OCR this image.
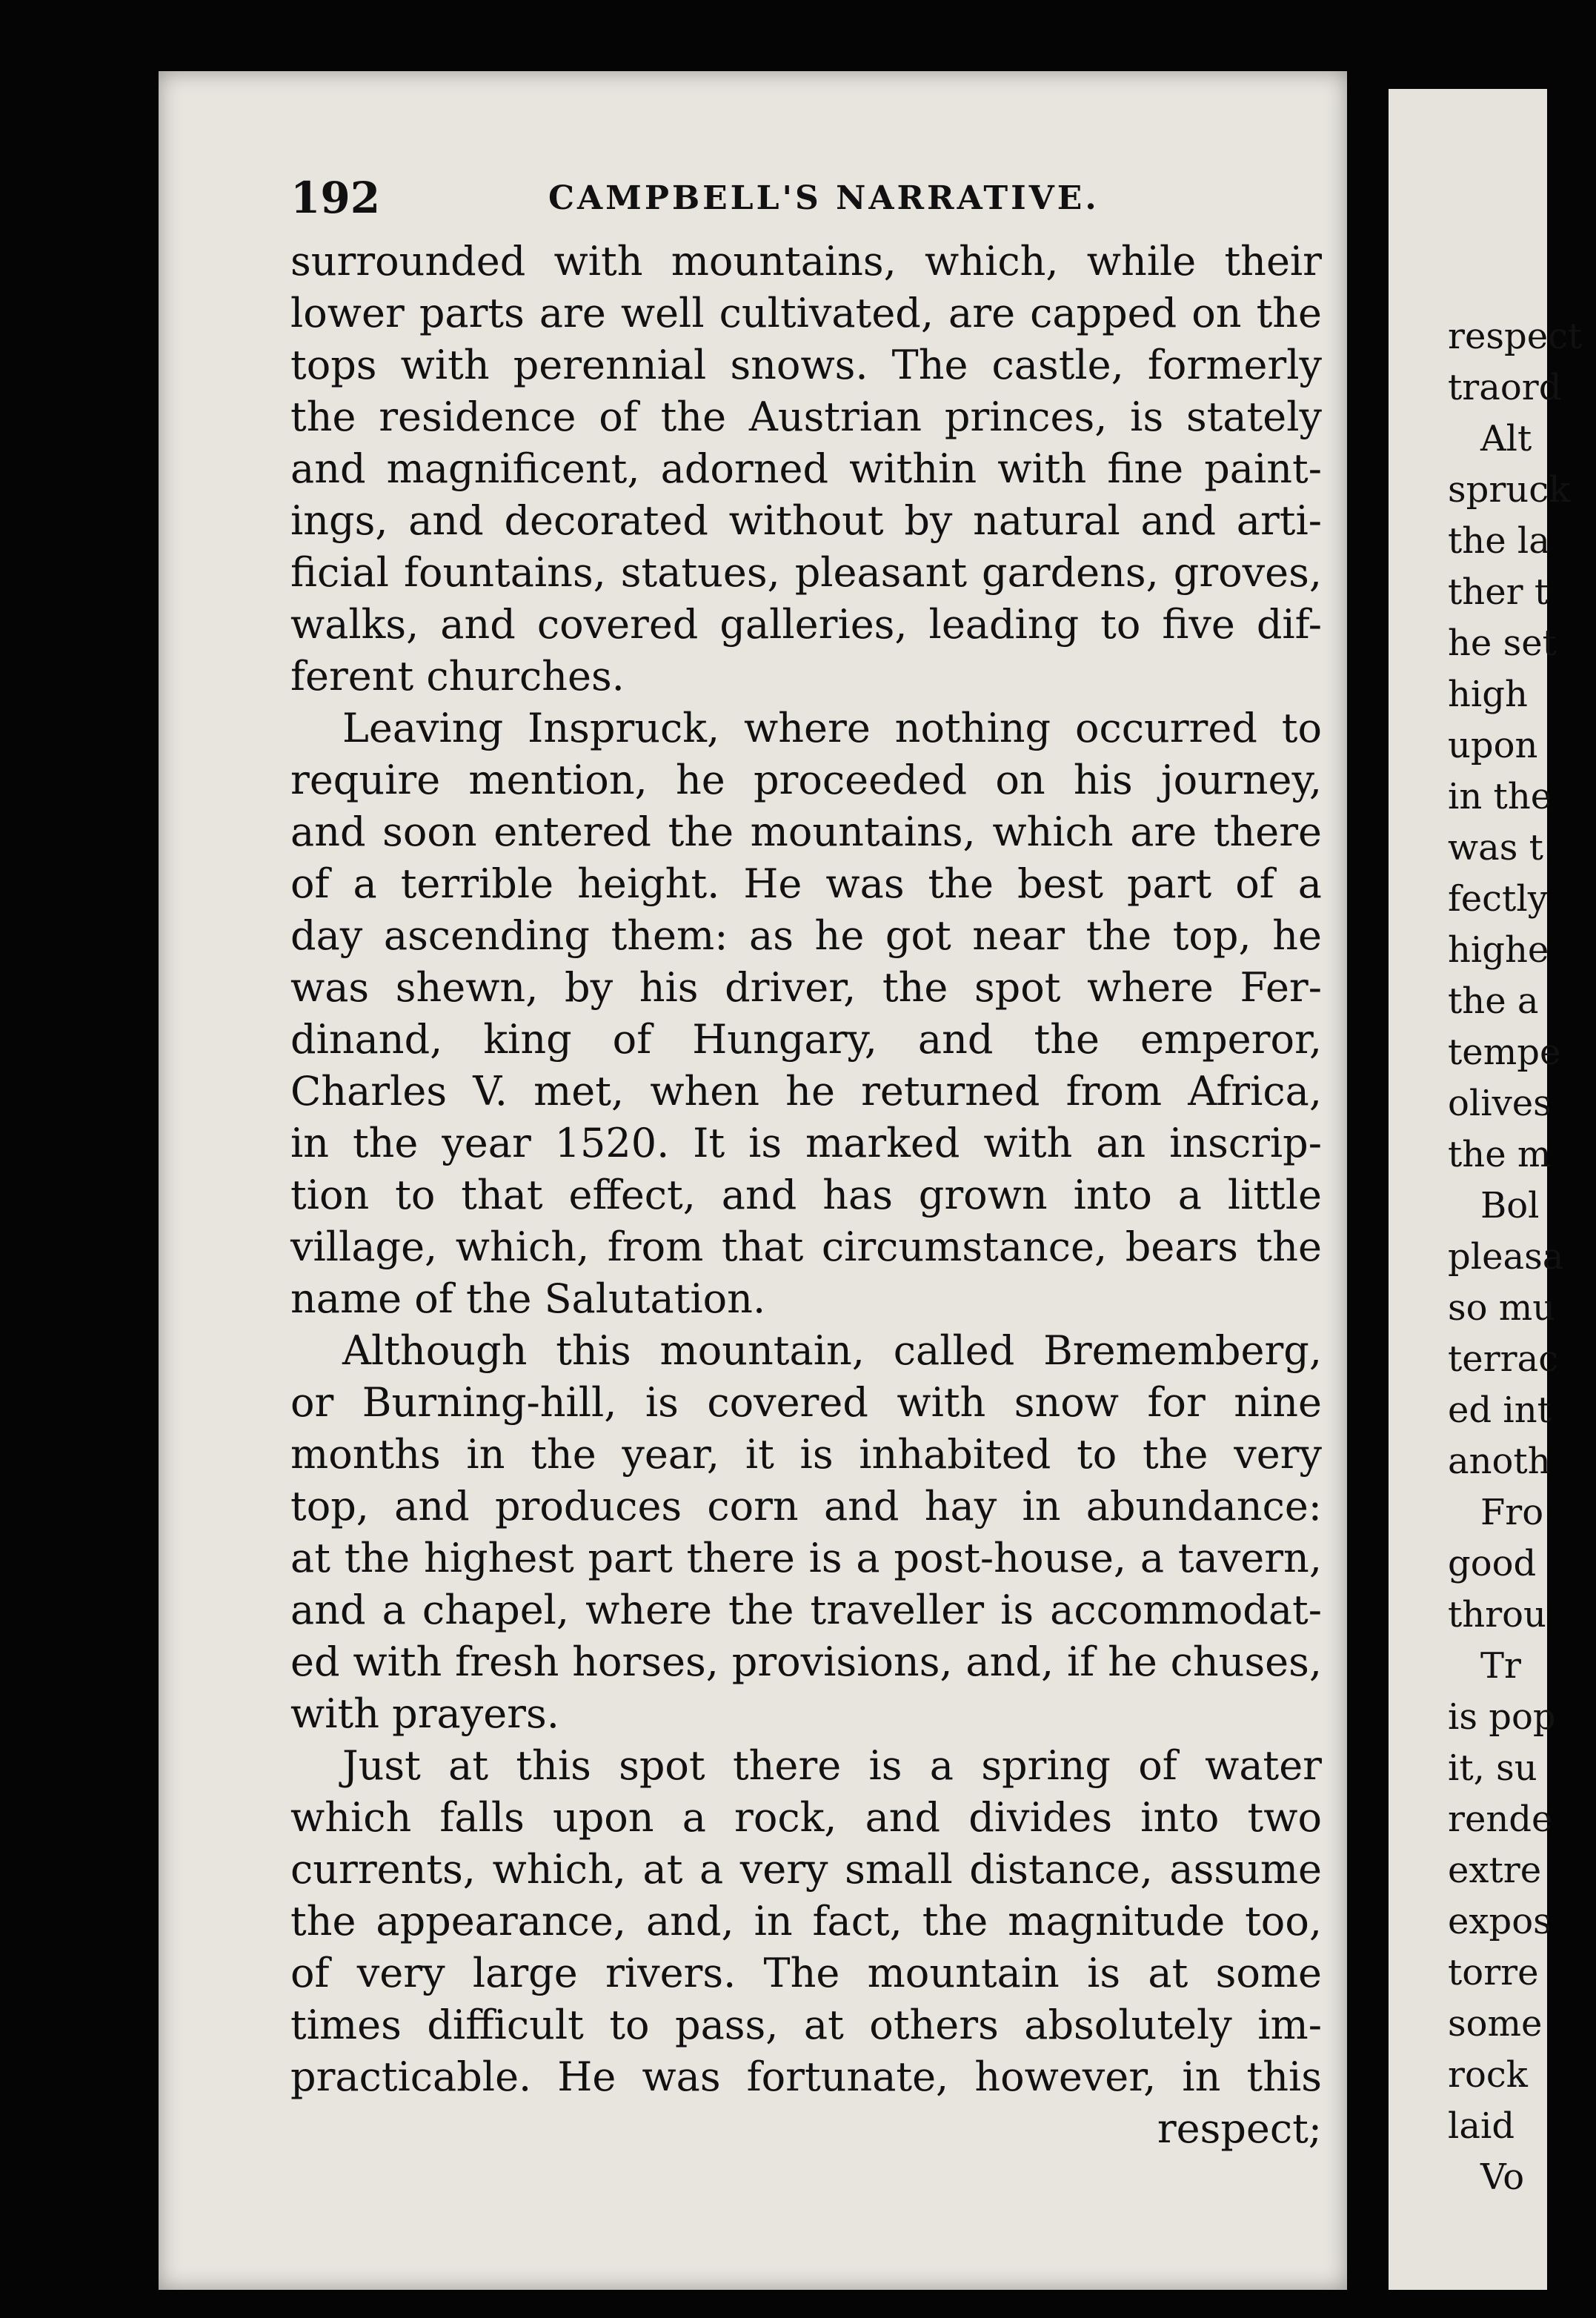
respect
traord
Alt
spruck
the la
ther t
he set
high
upon
in the
was t
fectly
highe
the a
tempe
olives
the m
Bol
pleasa
so mu
terrac
ed int
anoth
Fro
good
throu
Tr
is pop
it, su
rende
extre
expos
torre
some
rock
laid
Vo
192	CAMPBELL'S NARRATIVE.
surrounded with mountains, which, while their
lower parts are well cultivated, are capped on the
tops with perennial snows. The castle, formerly
the residence of the Austrian princes, is stately
and magnificent, adorned within with fine paint-
ings, and decorated without by natural and arti-
ficial fountains, statues, pleasant gardens, groves,
walks, and covered galleries, leading to five dif-
ferent churches.
Leaving Inspruck, where nothing occurred to
require mention, he proceeded on his journey,
and soon entered the mountains, which are there
of a terrible height. He was the best part of a
day ascending them: as he got near the top, he
was shewn, by his driver, the spot where Fer-
dinand, king of Hungary, and the emperor,
Charles V. met, when he returned from Africa,
in the year 1520. It is marked with an inscrip-
tion to that effect, and has grown into a little
village, which, from that circumstance, bears the
name of the Salutation.
Although this mountain, called Brememberg,
or Burning-hill, is covered with snow for nine
months in the year, it is inhabited to the very
top, and produces corn and hay in abundance:
at the highest part there is a post-house, a tavern,
and a chapel, where the traveller is accommodat-
ed with fresh horses, provisions, and, if he chuses,
with prayers.
Just at this spot there is a spring of water
which falls upon a rock, and divides into two
currents, which, at a very small distance, assume
the appearance, and, in fact, the magnitude too,
of very large rivers. The mountain is at some
times difficult to pass, at others absolutely im-
practicable. He was fortunate, however, in this
respect;
